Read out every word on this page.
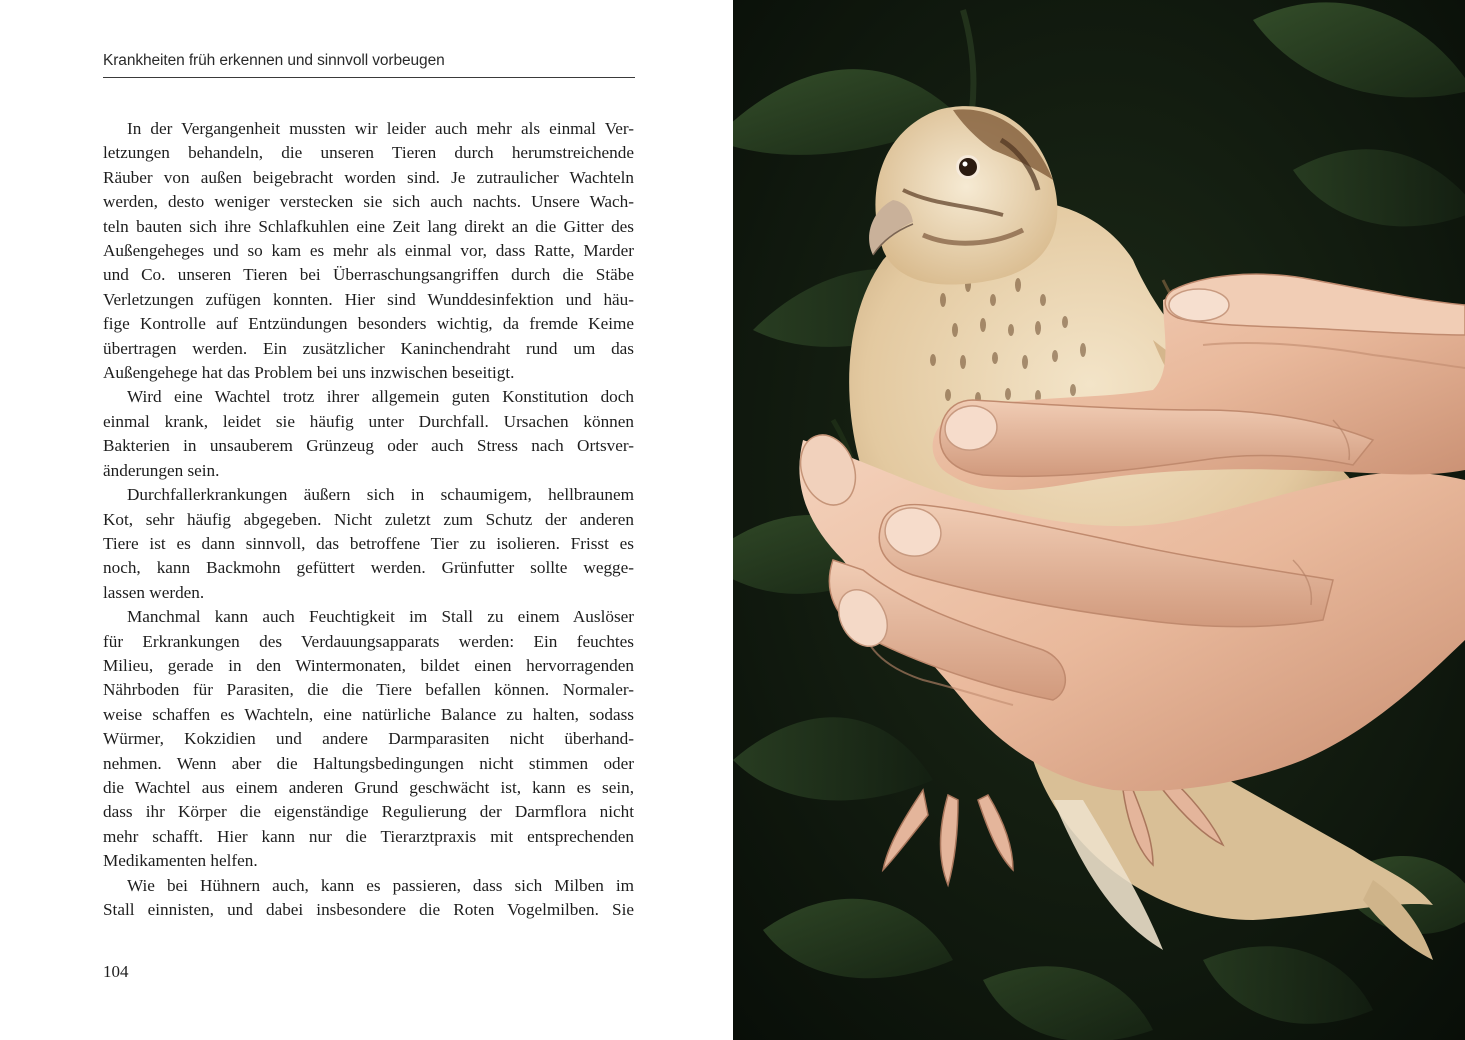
Krankheiten früh erkennen und sinnvoll vorbeugen
In der Vergangenheit mussten wir leider auch mehr als einmal Ver-
letzungen behandeln, die unseren Tieren durch herumstreichende
Räuber von außen beigebracht worden sind. Je zutraulicher Wachteln
werden, desto weniger verstecken sie sich auch nachts. Unsere Wach-
teln bauten sich ihre Schlafkuhlen eine Zeit lang direkt an die Gitter des
Außengeheges und so kam es mehr als einmal vor, dass Ratte, Marder
und Co. unseren Tieren bei Überraschungsangriffen durch die Stäbe
Verletzungen zufügen konnten. Hier sind Wunddesinfektion und häu-
fige Kontrolle auf Entzündungen besonders wichtig, da fremde Keime
übertragen werden. Ein zusätzlicher Kaninchendraht rund um das
Außengehege hat das Problem bei uns inzwischen beseitigt.
Wird eine Wachtel trotz ihrer allgemein guten Konstitution doch
einmal krank, leidet sie häufig unter Durchfall. Ursachen können
Bakterien in unsauberem Grünzeug oder auch Stress nach Ortsver-
änderungen sein.
Durchfallerkrankungen äußern sich in schaumigem, hellbraunem
Kot, sehr häufig abgegeben. Nicht zuletzt zum Schutz der anderen
Tiere ist es dann sinnvoll, das betroffene Tier zu isolieren. Frisst es
noch, kann Backmohn gefüttert werden. Grünfutter sollte wegge-
lassen werden.
Manchmal kann auch Feuchtigkeit im Stall zu einem Auslöser
für Erkrankungen des Verdauungsapparats werden: Ein feuchtes
Milieu, gerade in den Wintermonaten, bildet einen hervorragenden
Nährboden für Parasiten, die die Tiere befallen können. Normaler-
weise schaffen es Wachteln, eine natürliche Balance zu halten, sodass
Würmer, Kokzidien und andere Darmparasiten nicht überhand-
nehmen. Wenn aber die Haltungsbedingungen nicht stimmen oder
die Wachtel aus einem anderen Grund geschwächt ist, kann es sein,
dass ihr Körper die eigenständige Regulierung der Darmflora nicht
mehr schafft. Hier kann nur die Tierarztpraxis mit entsprechenden
Medikamenten helfen.
Wie bei Hühnern auch, kann es passieren, dass sich Milben im
Stall einnisten, und dabei insbesondere die Roten Vogelmilben. Sie
104
